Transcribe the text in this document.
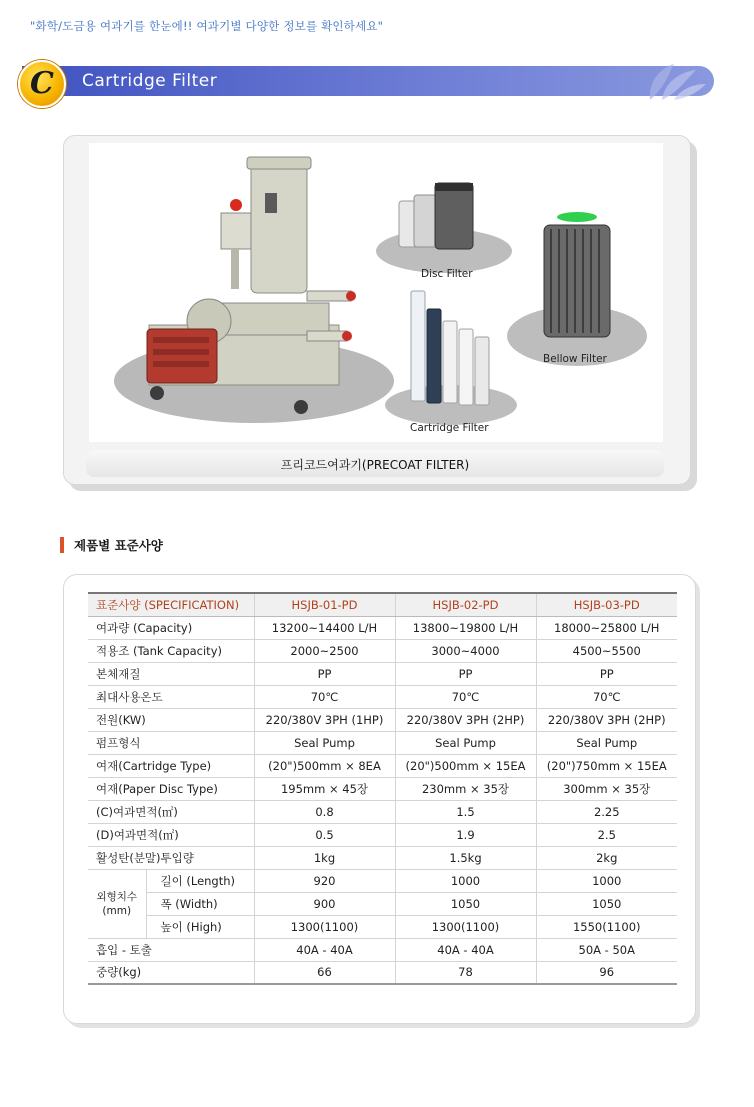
"화학/도금용 여과기를 한눈에!! 여과기별 다양한 정보를 확인하세요"
C	Cartridge Filter
Disc Filter
Bellow Filter
Cartridge Filter
프리코드여과기(PRECOAT FILTER)
제품별 표준사양
표준사양 (SPECIFICATION)		HSJB-01-PD	HSJB-02-PD	HSJB-03-PD
여과량 (Capacity)		13200~14400 L/H	13800~19800 L/H	18000~25800 L/H
적용조 (Tank Capacity)		2000~2500	3000~4000	4500~5500
본체재질		PP	PP	PP
최대사용온도		70℃	70℃	70℃
전원(KW)		220/380V 3PH (1HP)	220/380V 3PH (2HP)	220/380V 3PH (2HP)
펌프형식		Seal Pump	Seal Pump	Seal Pump
여재(Cartridge Type)		(20")500mm × 8EA	(20")500mm × 15EA	(20")750mm × 15EA
여재(Paper Disc Type)		195mm × 45장	230mm × 35장	300mm × 35장
(C)여과면적(㎡)		0.8	1.5	2.25
(D)여과면적(㎡)		0.5	1.9	2.5
활성탄(분말)투입량		1kg	1.5kg	2kg

외형치수
(mm)	길이 (Length)	920	1000	1000
	폭 (Width)	900	1050	1050
	높이 (High)	1300(1100)	1300(1100)	1550(1100)
흡입 - 토출		40A - 40A	40A - 40A	50A - 50A
중량(kg)		66	78	96
